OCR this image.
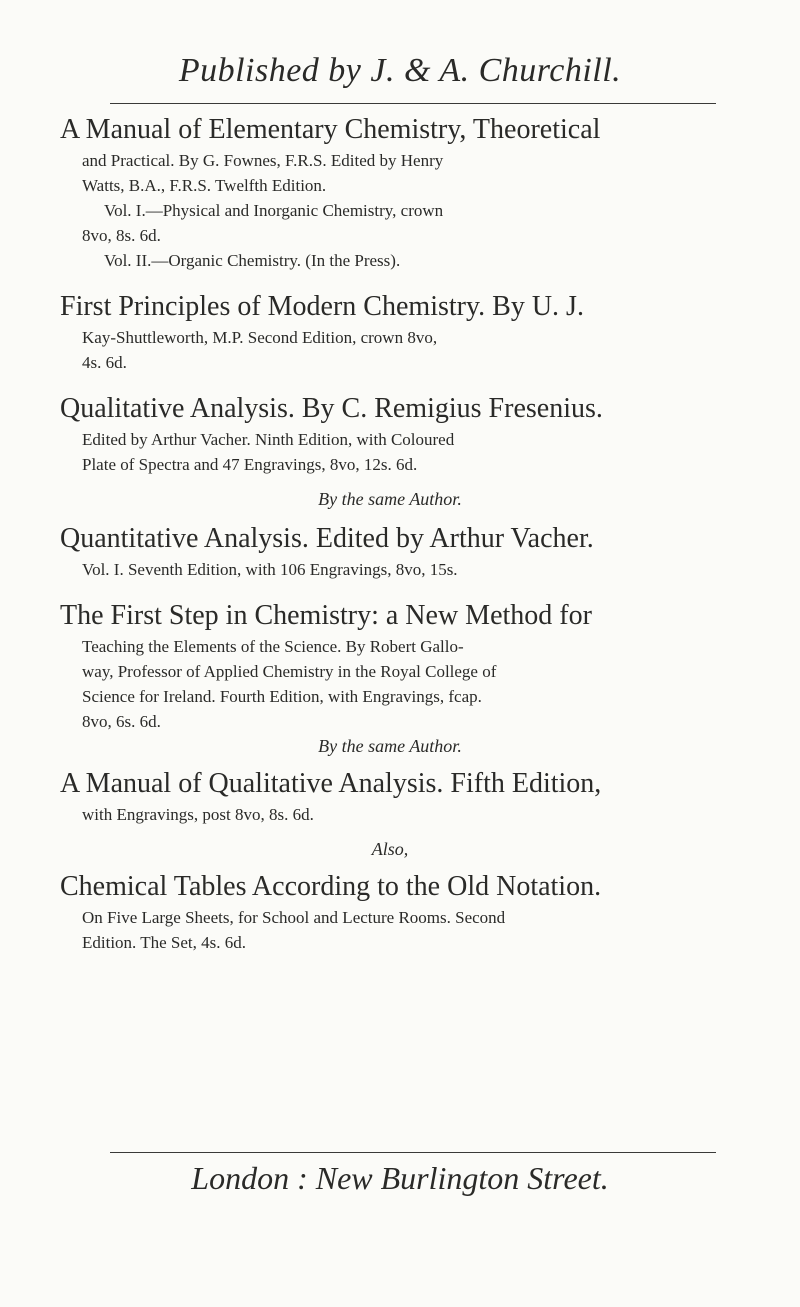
Published by J. & A. Churchill.
A Manual of Elementary Chemistry, Theoretical
and Practical. By G. Fownes, F.R.S. Edited by Henry
Watts, B.A., F.R.S. Twelfth Edition.
Vol. I.—Physical and Inorganic Chemistry, crown
8vo, 8s. 6d.
Vol. II.—Organic Chemistry. (In the Press).
First Principles of Modern Chemistry. By U. J.
Kay-Shuttleworth, M.P. Second Edition, crown 8vo,
4s. 6d.
Qualitative Analysis. By C. Remigius Fresenius.
Edited by Arthur Vacher. Ninth Edition, with Coloured
Plate of Spectra and 47 Engravings, 8vo, 12s. 6d.
By the same Author.
Quantitative Analysis. Edited by Arthur Vacher.
Vol. I. Seventh Edition, with 106 Engravings, 8vo, 15s.
The First Step in Chemistry: a New Method for
Teaching the Elements of the Science. By Robert Gallo-
way, Professor of Applied Chemistry in the Royal College of
Science for Ireland. Fourth Edition, with Engravings, fcap.
8vo, 6s. 6d.
By the same Author.
A Manual of Qualitative Analysis. Fifth Edition,
with Engravings, post 8vo, 8s. 6d.
Also,
Chemical Tables According to the Old Notation.
On Five Large Sheets, for School and Lecture Rooms. Second
Edition. The Set, 4s. 6d.
London : New Burlington Street.
